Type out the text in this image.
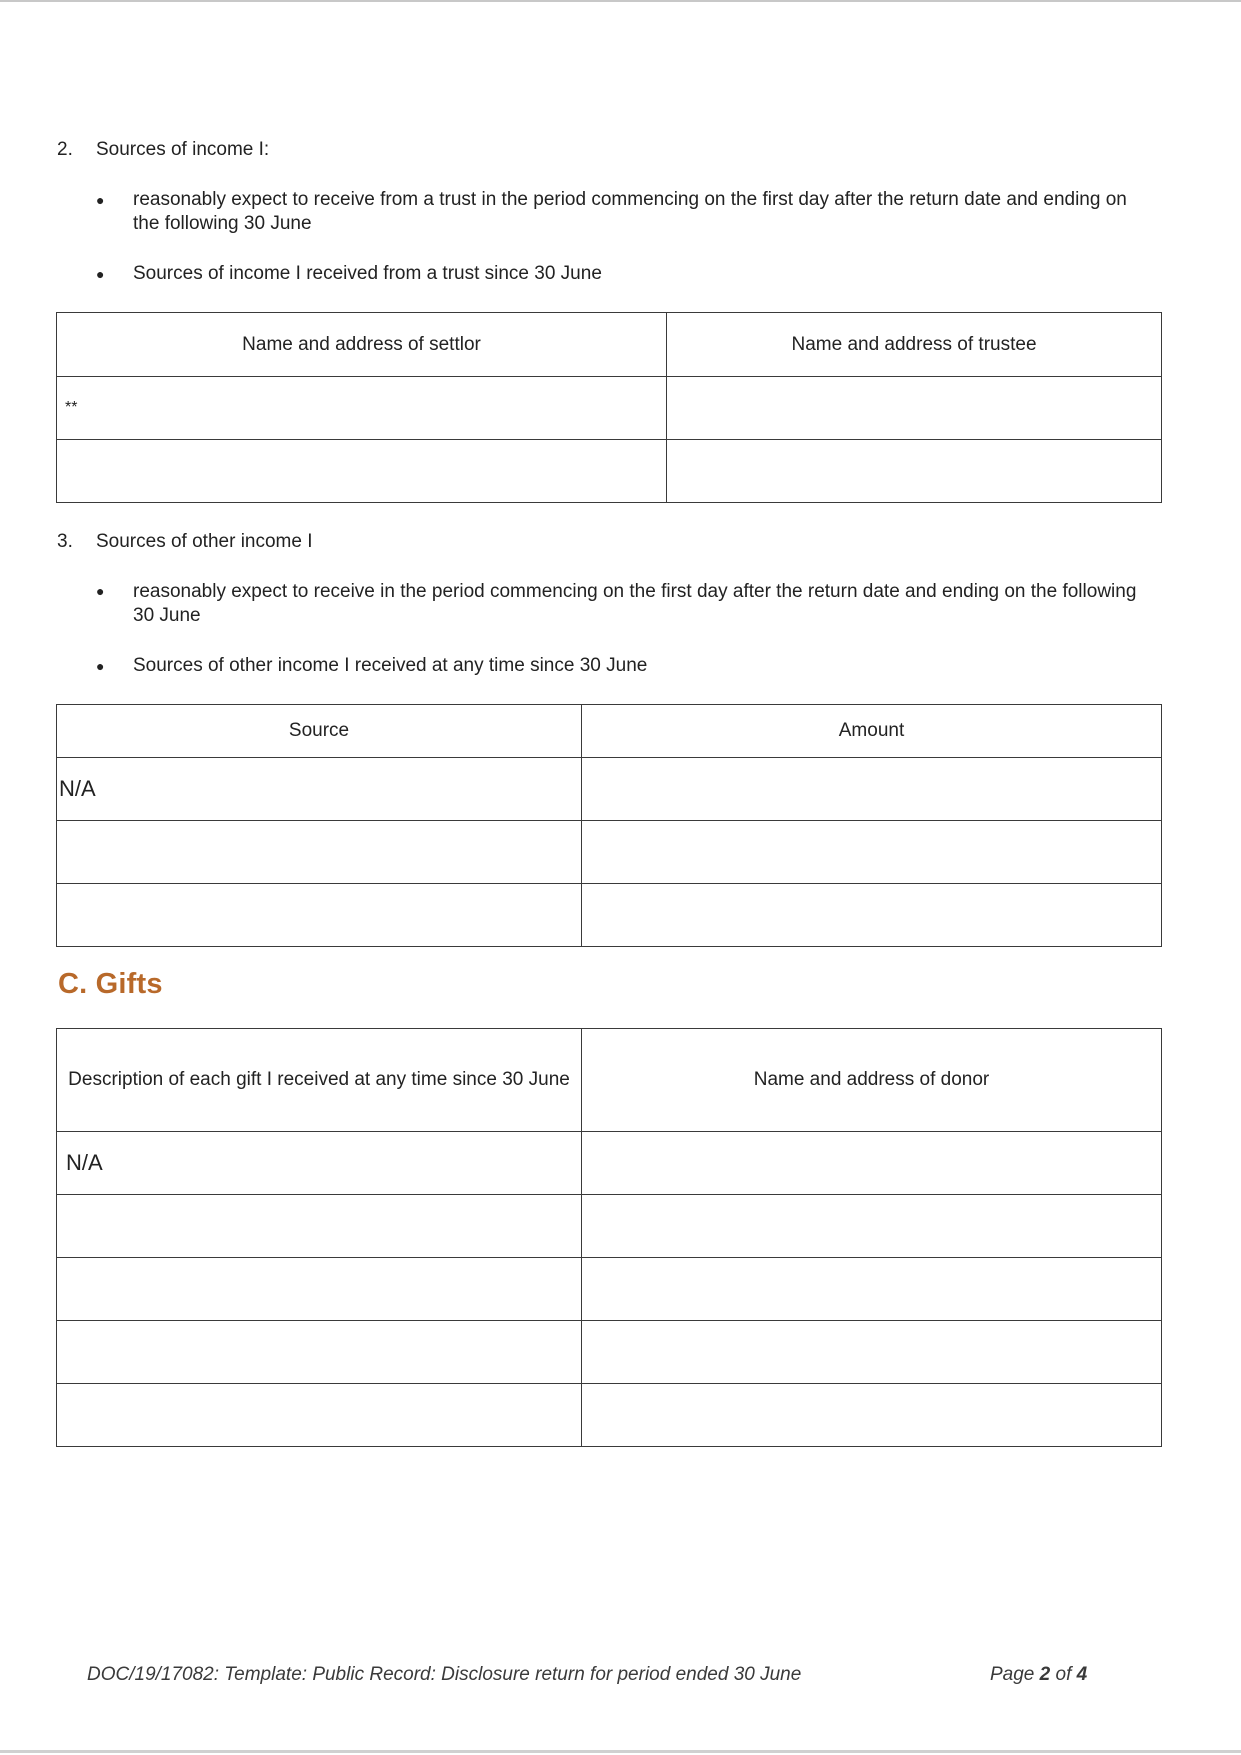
2. Sources of income I:
● reasonably expect to receive from a trust in the period commencing on the first day after the return date and ending on the following 30 June
● Sources of income I received from a trust since 30 June
Name and address of settlor	Name and address of trustee
**	

3. Sources of other income I
● reasonably expect to receive in the period commencing on the first day after the return date and ending on the following 30 June
● Sources of other income I received at any time since 30 June
Source	Amount
N/A	

C. Gifts
Description of each gift I received at any time since 30 June	Name and address of donor
N/A	

DOC/19/17082: Template: Public Record: Disclosure return for period ended 30 June	Page 2 of 4
